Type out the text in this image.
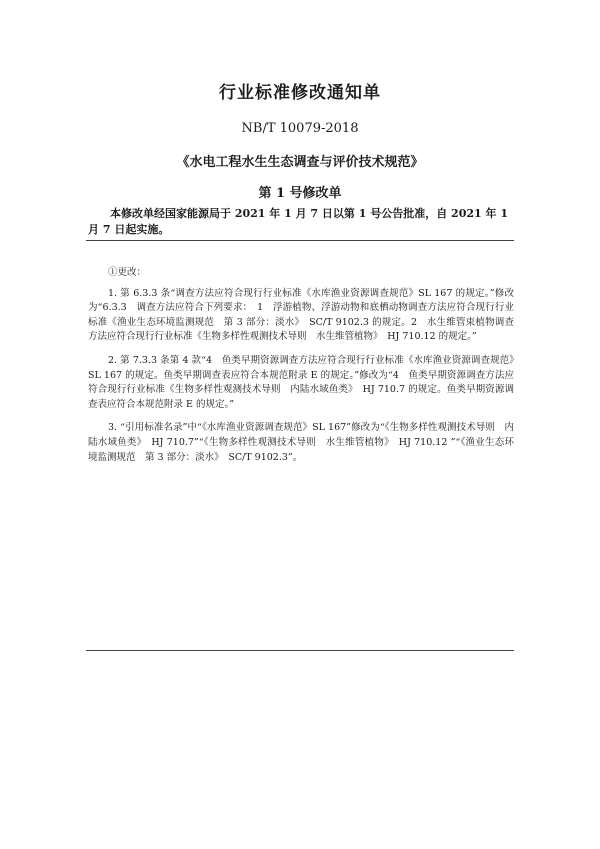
行业标准修改通知单
NB/T 10079-2018
《水电工程水生生态调查与评价技术规范》
第 1 号修改单
本修改单经国家能源局于 2021 年 1 月 7 日以第 1 号公告批准，自 2021 年 1 月 7 日起实施。

①更改：

1. 第 6.3.3 条“调查方法应符合现行行业标准《水库渔业资源调查规范》SL 167 的规定。”修改为“6.3.3　调查方法应符合下列要求：　1　浮游植物、浮游动物和底栖动物调查方法应符合现行行业标准《渔业生态环境监测规范　第 3 部分：淡水》　SC/T 9102.3 的规定。2　水生维管束植物调查方法应符合现行行业标准《生物多样性观测技术导则　水生维管植物》　HJ 710.12 的规定。”

2. 第 7.3.3 条第 4 款“4　鱼类早期资源调查方法应符合现行行业标准《水库渔业资源调查规范》SL 167 的规定。鱼类早期调查表应符合本规范附录 E 的规定。”修改为“4　鱼类早期资源调查方法应符合现行行业标准《生物多样性观测技术导则　内陆水域鱼类》　HJ 710.7 的规定。鱼类早期资源调查表应符合本规范附录 E 的规定。”

3. “引用标准名录”中“《水库渔业资源调查规范》SL 167”修改为“《生物多样性观测技术导则　内陆水域鱼类》　HJ 710.7”“《生物多样性观测技术导则　水生维管植物》　HJ 710.12 ”“《渔业生态环境监测规范　第 3 部分：淡水》　SC/T 9102.3”。
